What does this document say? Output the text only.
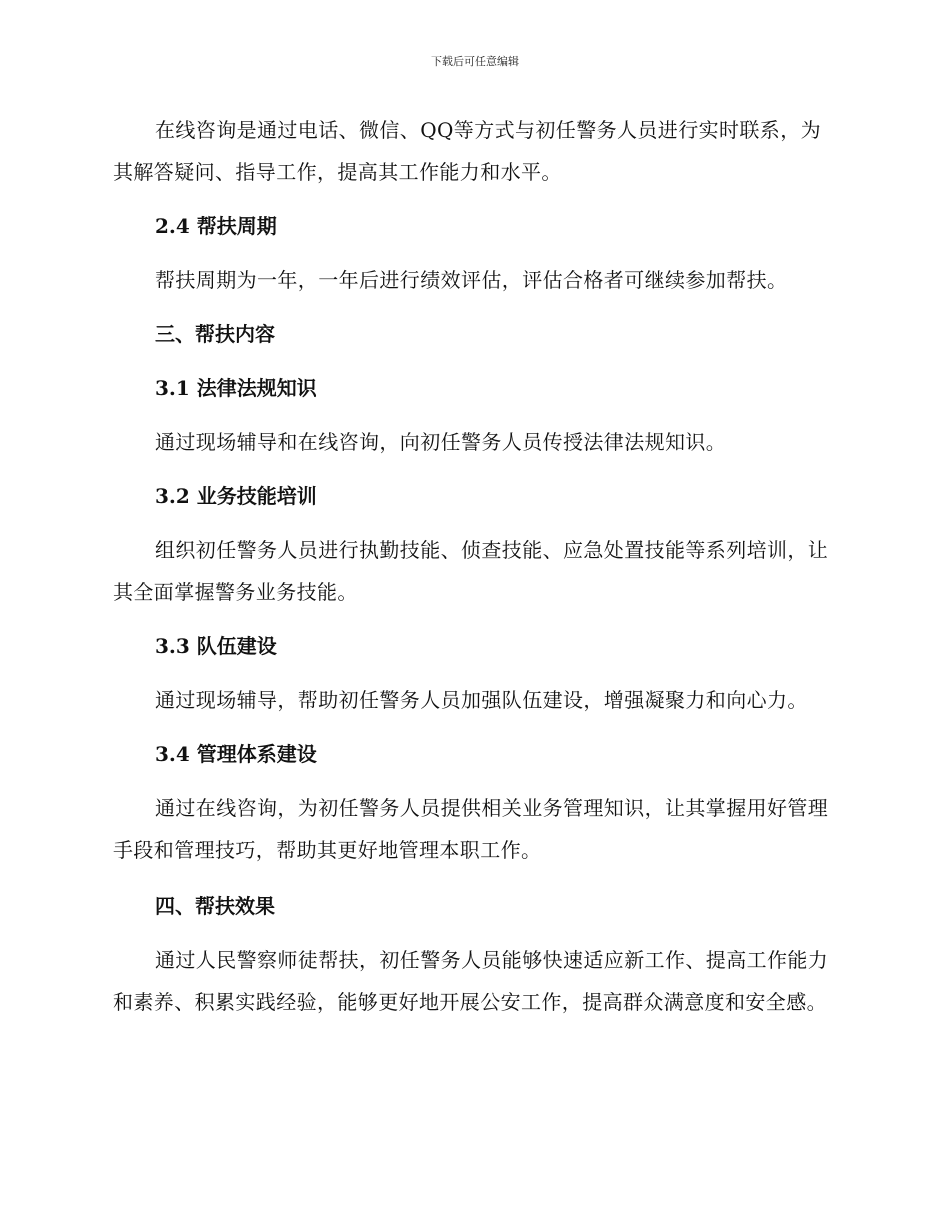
下载后可任意编辑

在线咨询是通过电话、微信、QQ等方式与初任警务人员进行实时联系，为其解答疑问、指导工作，提高其工作能力和水平。

2.4 帮扶周期

帮扶周期为一年，一年后进行绩效评估，评估合格者可继续参加帮扶。

三、帮扶内容

3.1 法律法规知识

通过现场辅导和在线咨询，向初任警务人员传授法律法规知识。

3.2 业务技能培训

组织初任警务人员进行执勤技能、侦查技能、应急处置技能等系列培训，让其全面掌握警务业务技能。

3.3 队伍建设

通过现场辅导，帮助初任警务人员加强队伍建设，增强凝聚力和向心力。

3.4 管理体系建设

通过在线咨询，为初任警务人员提供相关业务管理知识，让其掌握用好管理手段和管理技巧，帮助其更好地管理本职工作。

四、帮扶效果

通过人民警察师徒帮扶，初任警务人员能够快速适应新工作、提高工作能力和素养、积累实践经验，能够更好地开展公安工作，提高群众满意度和安全感。
